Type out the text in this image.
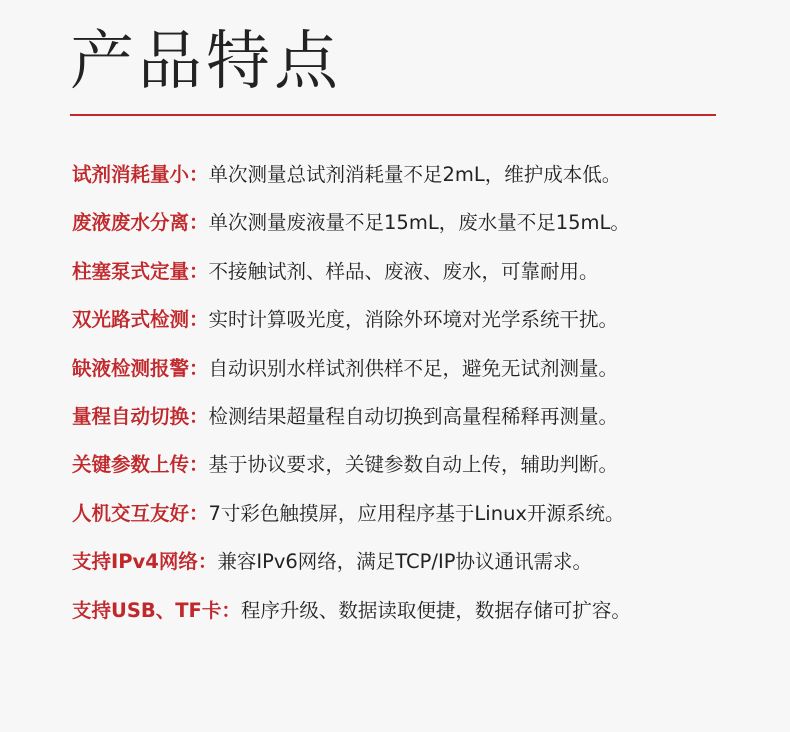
产品特点
试剂消耗量小： 单次测量总试剂消耗量不足2mL，维护成本低。
废液废水分离： 单次测量废液量不足15mL，废水量不足15mL。
柱塞泵式定量： 不接触试剂、样品、废液、废水，可靠耐用。
双光路式检测： 实时计算吸光度，消除外环境对光学系统干扰。
缺液检测报警： 自动识别水样试剂供样不足，避免无试剂测量。
量程自动切换： 检测结果超量程自动切换到高量程稀释再测量。
关键参数上传： 基于协议要求，关键参数自动上传，辅助判断。
人机交互友好： 7寸彩色触摸屏，应用程序基于Linux开源系统。
支持IPv4网络： 兼容IPv6网络，满足TCP/IP协议通讯需求。
支持USB、TF卡： 程序升级、数据读取便捷，数据存储可扩容。
